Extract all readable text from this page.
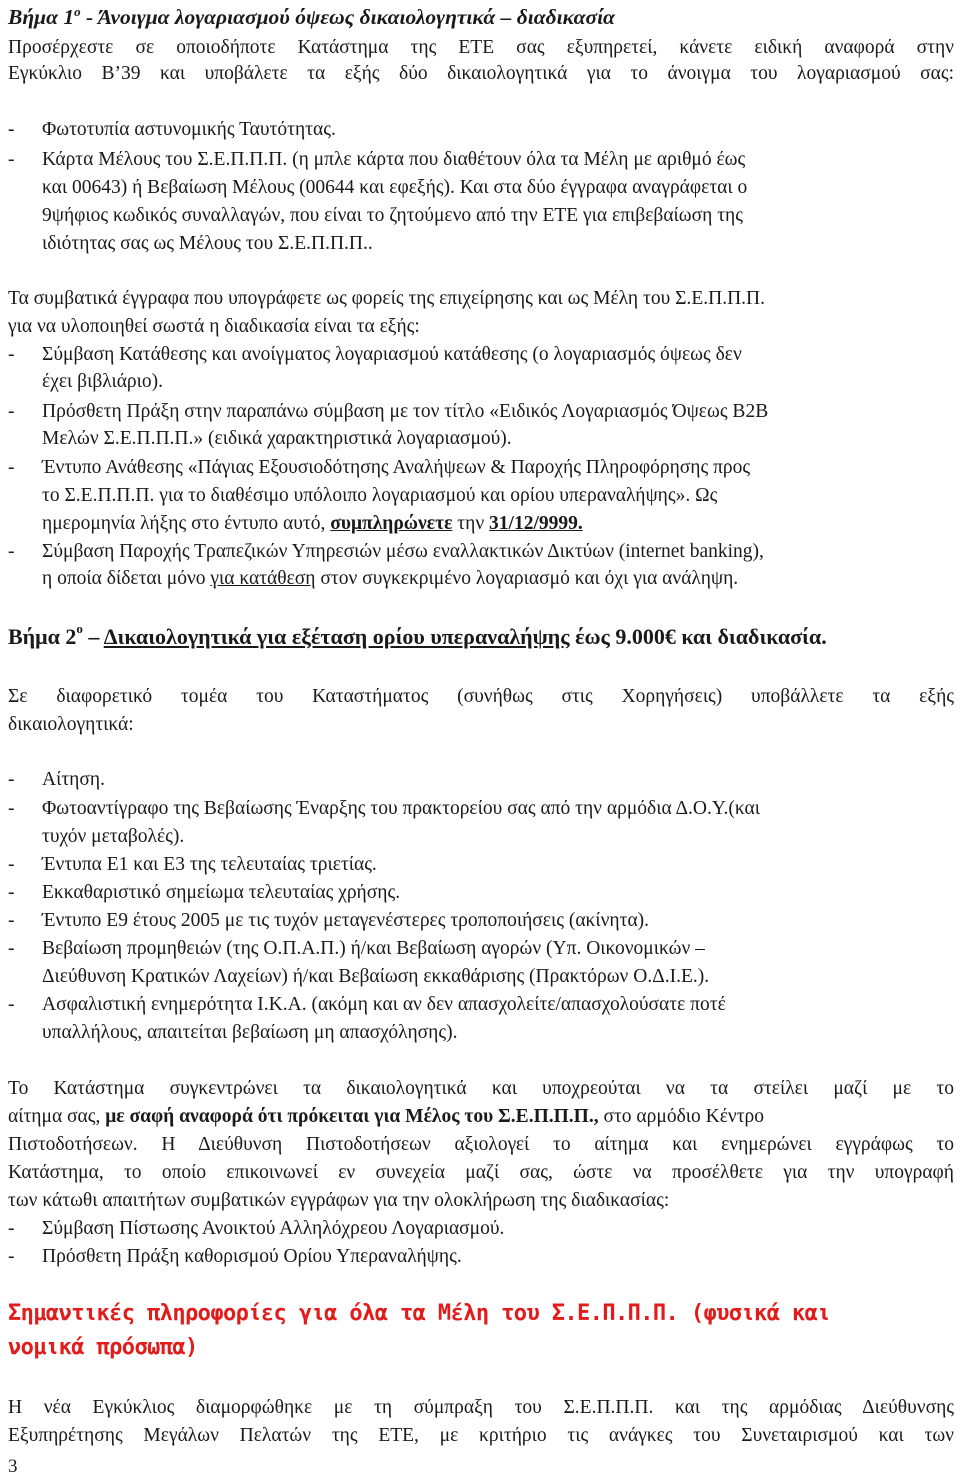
Βήμα $1^o$ - Άνοιγμα λογαριασμού όψεως δικαιολογητικά – διαδικασία
Προσέρχεστε σε οποιοδήποτε Κατάστημα της ΕΤΕ σας εξυπηρετεί, κάνετε ειδική αναφορά στην
Εγκύκλιο Β’39 και υποβάλετε τα εξής δύο δικαιολογητικά για το άνοιγμα του λογαριασμού σας:
- Φωτοτυπία αστυνομικής Ταυτότητας.
- Κάρτα Μέλους του Σ.Ε.Π.Π.Π. (η μπλε κάρτα που διαθέτουν όλα τα Μέλη με αριθμό έως
και 00643) ή Βεβαίωση Μέλους (00644 και εφεξής). Και στα δύο έγγραφα αναγράφεται ο
9ψήφιος κωδικός συναλλαγών, που είναι το ζητούμενο από την ΕΤΕ για επιβεβαίωση της
ιδιότητας σας ως Μέλους του Σ.Ε.Π.Π.Π..
Τα συμβατικά έγγραφα που υπογράφετε ως φορείς της επιχείρησης και ως Μέλη του Σ.Ε.Π.Π.Π.
για να υλοποιηθεί σωστά η διαδικασία είναι τα εξής:
- Σύμβαση Κατάθεσης και ανοίγματος λογαριασμού κατάθεσης (ο λογαριασμός όψεως δεν
έχει βιβλιάριο).
- Πρόσθετη Πράξη στην παραπάνω σύμβαση με τον τίτλο «Ειδικός Λογαριασμός Όψεως Β2Β
Μελών Σ.Ε.Π.Π.Π.» (ειδικά χαρακτηριστικά λογαριασμού).
- Έντυπο Ανάθεσης «Πάγιας Εξουσιοδότησης Αναλήψεων & Παροχής Πληροφόρησης προς
το Σ.Ε.Π.Π.Π. για το διαθέσιμο υπόλοιπο λογαριασμού και ορίου υπεραναλήψης». Ως
ημερομηνία λήξης στο έντυπο αυτό, συμπληρώνετε την 31/12/9999.
- Σύμβαση Παροχής Τραπεζικών Υπηρεσιών μέσω εναλλακτικών Δικτύων (internet banking),
η οποία δίδεται μόνο για κατάθεση στον συγκεκριμένο λογαριασμό και όχι για ανάληψη.
Βήμα $2^o$ – Δικαιολογητικά για εξέταση ορίου υπεραναλήψης έως 9.000€ και διαδικασία.
Σε διαφορετικό τομέα του Καταστήματος (συνήθως στις Χορηγήσεις) υποβάλλετε τα εξής
δικαιολογητικά:
- Αίτηση.
- Φωτοαντίγραφο της Βεβαίωσης Έναρξης του πρακτορείου σας από την αρμόδια Δ.Ο.Υ.(και
τυχόν μεταβολές).
- Έντυπα Ε1 και Ε3 της τελευταίας τριετίας.
- Εκκαθαριστικό σημείωμα τελευταίας χρήσης.
- Έντυπο Ε9 έτους 2005 με τις τυχόν μεταγενέστερες τροποποιήσεις (ακίνητα).
- Βεβαίωση προμηθειών (της Ο.Π.Α.Π.) ή/και Βεβαίωση αγορών (Υπ. Οικονομικών –
Διεύθυνση Κρατικών Λαχείων) ή/και Βεβαίωση εκκαθάρισης (Πρακτόρων Ο.Δ.Ι.Ε.).
- Ασφαλιστική ενημερότητα Ι.Κ.Α. (ακόμη και αν δεν απασχολείτε/απασχολούσατε ποτέ
υπαλλήλους, απαιτείται βεβαίωση μη απασχόλησης).
Το Κατάστημα συγκεντρώνει τα δικαιολογητικά και υποχρεούται να τα στείλει μαζί με το
αίτημα σας, με σαφή αναφορά ότι πρόκειται για Μέλος του Σ.Ε.Π.Π.Π., στο αρμόδιο Κέντρο
Πιστοδοτήσεων. Η Διεύθυνση Πιστοδοτήσεων αξιολογεί το αίτημα και ενημερώνει εγγράφως το
Κατάστημα, το οποίο επικοινωνεί εν συνεχεία μαζί σας, ώστε να προσέλθετε για την υπογραφή
των κάτωθι απαιτήτων συμβατικών εγγράφων για την ολοκλήρωση της διαδικασίας:
- Σύμβαση Πίστωσης Ανοικτού Αλληλόχρεου Λογαριασμού.
- Πρόσθετη Πράξη καθορισμού Ορίου Υπεραναλήψης.
Σημαντικές πληροφορίες για όλα τα Μέλη του Σ.Ε.Π.Π.Π. (φυσικά και
νομικά πρόσωπα)
Η νέα Εγκύκλιος διαμορφώθηκε με τη σύμπραξη του Σ.Ε.Π.Π.Π. και της αρμόδιας Διεύθυνσης
Εξυπηρέτησης Μεγάλων Πελατών της ΕΤΕ, με κριτήριο τις ανάγκες του Συνεταιρισμού και των
3
